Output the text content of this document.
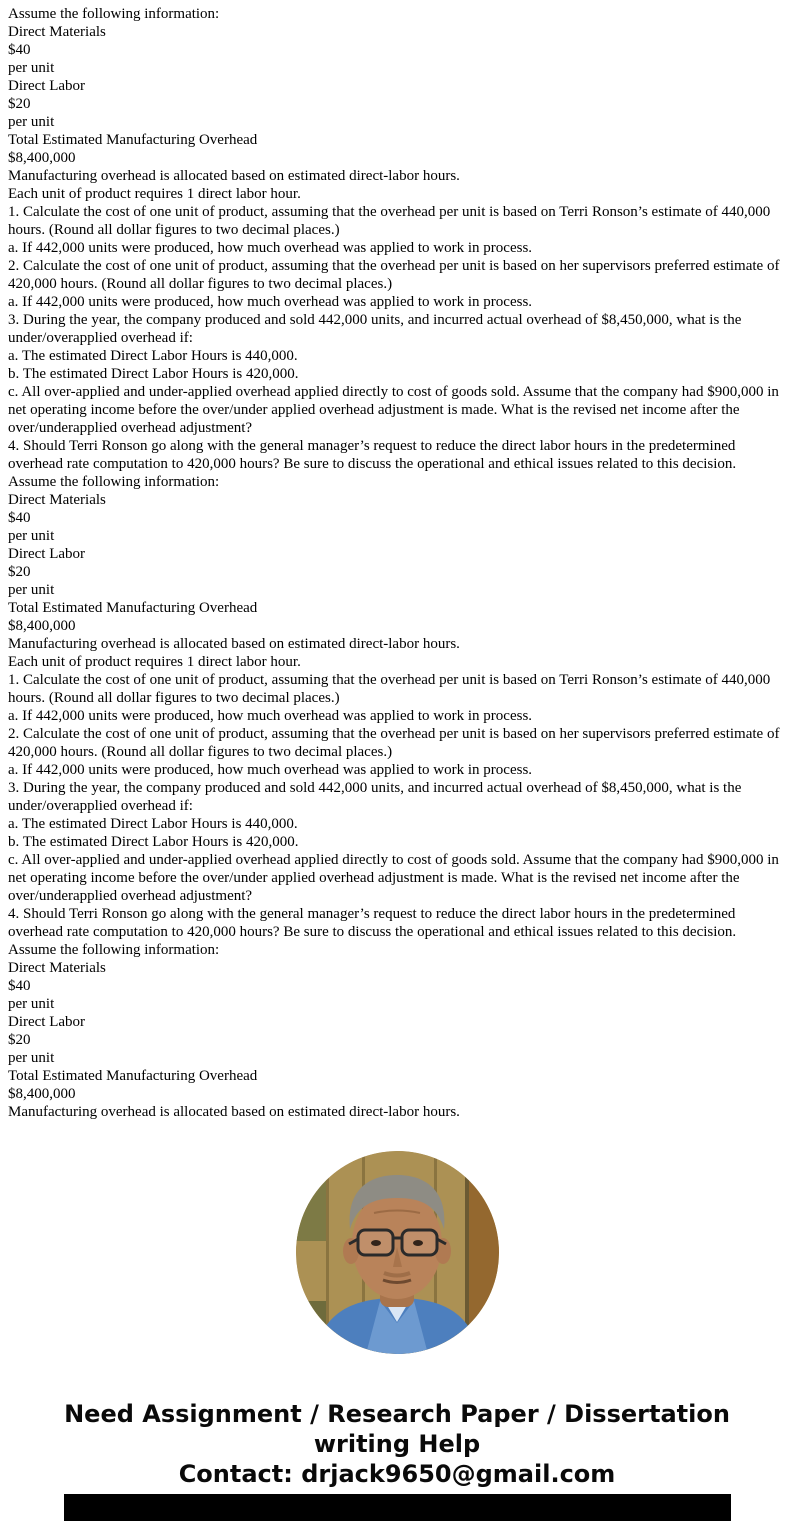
Assume the following information:
Direct Materials
$40
per unit
Direct Labor
$20
per unit
Total Estimated Manufacturing Overhead
$8,400,000
Manufacturing overhead is allocated based on estimated direct-labor hours.
Each unit of product requires 1 direct labor hour.
1. Calculate the cost of one unit of product, assuming that the overhead per unit is based on Terri Ronson’s estimate of 440,000 hours. (Round all dollar figures to two decimal places.)
a. If 442,000 units were produced, how much overhead was applied to work in process.
2. Calculate the cost of one unit of product, assuming that the overhead per unit is based on her supervisors preferred estimate of 420,000 hours. (Round all dollar figures to two decimal places.)
a. If 442,000 units were produced, how much overhead was applied to work in process.
3. During the year, the company produced and sold 442,000 units, and incurred actual overhead of $8,450,000, what is the under/overapplied overhead if:
a. The estimated Direct Labor Hours is 440,000.
b. The estimated Direct Labor Hours is 420,000.
c. All over-applied and under-applied overhead applied directly to cost of goods sold. Assume that the company had $900,000 in net operating income before the over/under applied overhead adjustment is made. What is the revised net income after the over/underapplied overhead adjustment?
4. Should Terri Ronson go along with the general manager’s request to reduce the direct labor hours in the predetermined overhead rate computation to 420,000 hours? Be sure to discuss the operational and ethical issues related to this decision.
Assume the following information:
Direct Materials
$40
per unit
Direct Labor
$20
per unit
Total Estimated Manufacturing Overhead
$8,400,000
Manufacturing overhead is allocated based on estimated direct-labor hours.
Each unit of product requires 1 direct labor hour.
1. Calculate the cost of one unit of product, assuming that the overhead per unit is based on Terri Ronson’s estimate of 440,000 hours. (Round all dollar figures to two decimal places.)
a. If 442,000 units were produced, how much overhead was applied to work in process.
2. Calculate the cost of one unit of product, assuming that the overhead per unit is based on her supervisors preferred estimate of 420,000 hours. (Round all dollar figures to two decimal places.)
a. If 442,000 units were produced, how much overhead was applied to work in process.
3. During the year, the company produced and sold 442,000 units, and incurred actual overhead of $8,450,000, what is the under/overapplied overhead if:
a. The estimated Direct Labor Hours is 440,000.
b. The estimated Direct Labor Hours is 420,000.
c. All over-applied and under-applied overhead applied directly to cost of goods sold. Assume that the company had $900,000 in net operating income before the over/under applied overhead adjustment is made. What is the revised net income after the over/underapplied overhead adjustment?
4. Should Terri Ronson go along with the general manager’s request to reduce the direct labor hours in the predetermined overhead rate computation to 420,000 hours? Be sure to discuss the operational and ethical issues related to this decision.
Assume the following information:
Direct Materials
$40
per unit
Direct Labor
$20
per unit
Total Estimated Manufacturing Overhead
$8,400,000
Manufacturing overhead is allocated based on estimated direct-labor hours.
Need Assignment / Research Paper / Dissertation writing Help
Contact: drjack9650@gmail.com
